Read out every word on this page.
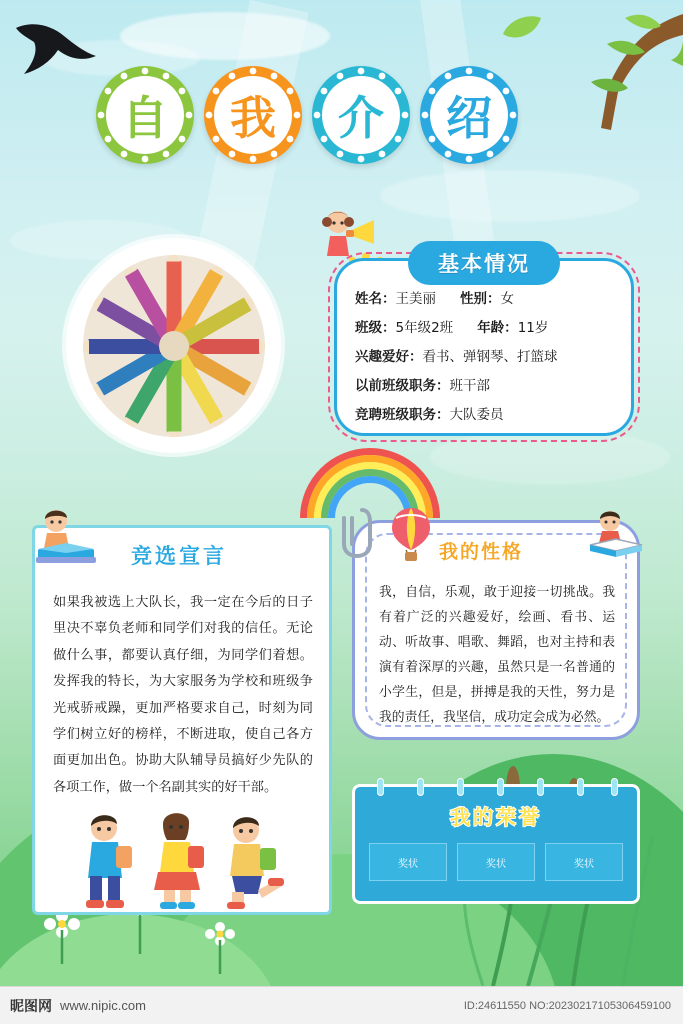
自 我 介 绍
基本情况
姓名：王美丽 性别：女
班级：5年级2班 年龄：11岁
兴趣爱好：看书、弹钢琴、打篮球
以前班级职务：班干部
竞聘班级职务：大队委员
竞选宣言
如果我被选上大队长，我一定在今后的日子里决不辜负老师和同学们对我的信任。无论做什么事，都要认真仔细，为同学们着想。发挥我的特长，为大家服务为学校和班级争光戒骄戒躁，更加严格要求自己，时刻为同学们树立好的榜样，不断进取，使自己各方面更加出色。协助大队辅导员搞好少先队的各项工作，做一个名副其实的好干部。
我的性格
我，自信，乐观，敢于迎接一切挑战。我有着广泛的兴趣爱好，绘画、看书、运动、听故事、唱歌、舞蹈，也对主持和表演有着深厚的兴趣，虽然只是一名普通的小学生，但是，拼搏是我的天性，努力是我的责任，我坚信，成功定会成为必然。
我的荣誉
奖状	奖状	奖状
昵图网 www.nipic.com	ID:24611550 NO:20230217105306459100
